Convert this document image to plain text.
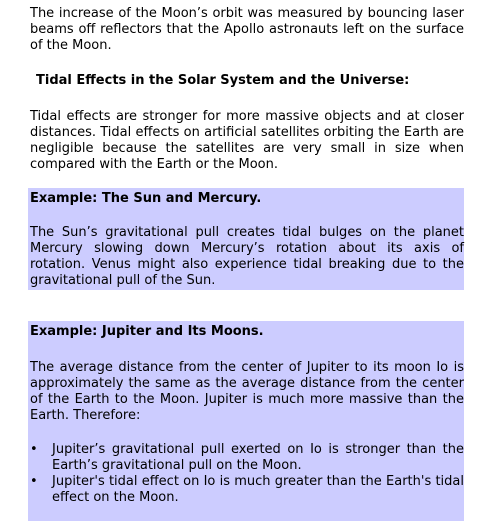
The increase of the Moon’s orbit was measured by bouncing laser beams off reflectors that the Apollo astronauts left on the surface of the Moon.

Tidal Effects in the Solar System and the Universe:

Tidal effects are stronger for more massive objects and at closer distances. Tidal effects on artificial satellites orbiting the Earth are negligible because the satellites are very small in size when compared with the Earth or the Moon.

Example: The Sun and Mercury.

The Sun’s gravitational pull creates tidal bulges on the planet Mercury slowing down Mercury’s rotation about its axis of rotation. Venus might also experience tidal breaking due to the gravitational pull of the Sun.

Example: Jupiter and Its Moons.

The average distance from the center of Jupiter to its moon Io is approximately the same as the average distance from the center of the Earth to the Moon. Jupiter is much more massive than the Earth. Therefore:

• Jupiter’s gravitational pull exerted on Io is stronger than the Earth’s gravitational pull on the Moon.
• Jupiter's tidal effect on Io is much greater than the Earth's tidal effect on the Moon.
